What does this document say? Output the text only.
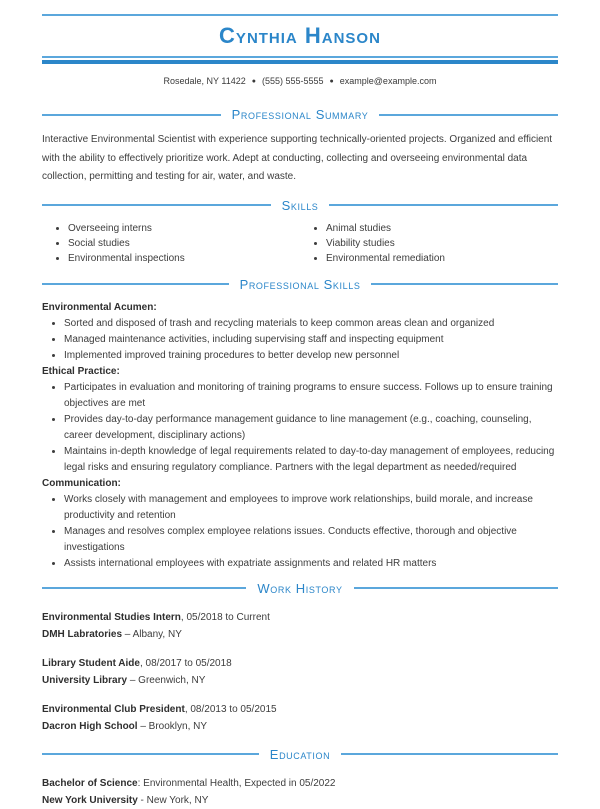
Cynthia Hanson
Rosedale, NY 11422 ● (555) 555-5555 ● example@example.com
Professional Summary

Interactive Environmental Scientist with experience supporting technically-oriented projects. Organized and efficient with the ability to effectively prioritize work. Adept at conducting, collecting and overseeing environmental data collection, permitting and testing for air, water, and waste.

Skills
• Overseeing interns
• Social studies
• Environmental inspections
• Animal studies
• Viability studies
• Environmental remediation
Professional Skills
Environmental Acumen:
• Sorted and disposed of trash and recycling materials to keep common areas clean and organized
• Managed maintenance activities, including supervising staff and inspecting equipment
• Implemented improved training procedures to better develop new personnel
Ethical Practice:
• Participates in evaluation and monitoring of training programs to ensure success. Follows up to ensure training objectives are met
• Provides day-to-day performance management guidance to line management (e.g., coaching, counseling, career development, disciplinary actions)
• Maintains in-depth knowledge of legal requirements related to day-to-day management of employees, reducing legal risks and ensuring regulatory compliance. Partners with the legal department as needed/required
Communication:
• Works closely with management and employees to improve work relationships, build morale, and increase productivity and retention
• Manages and resolves complex employee relations issues. Conducts effective, thorough and objective investigations
• Assists international employees with expatriate assignments and related HR matters
Work History

Environmental Studies Intern, 05/2018 to Current

DMH Labratories – Albany, NY

Library Student Aide, 08/2017 to 05/2018

University Library – Greenwich, NY

Environmental Club President, 08/2013 to 05/2015

Dacron High School – Brooklyn, NY

Education

Bachelor of Science: Environmental Health, Expected in 05/2022

New York University - New York, NY
